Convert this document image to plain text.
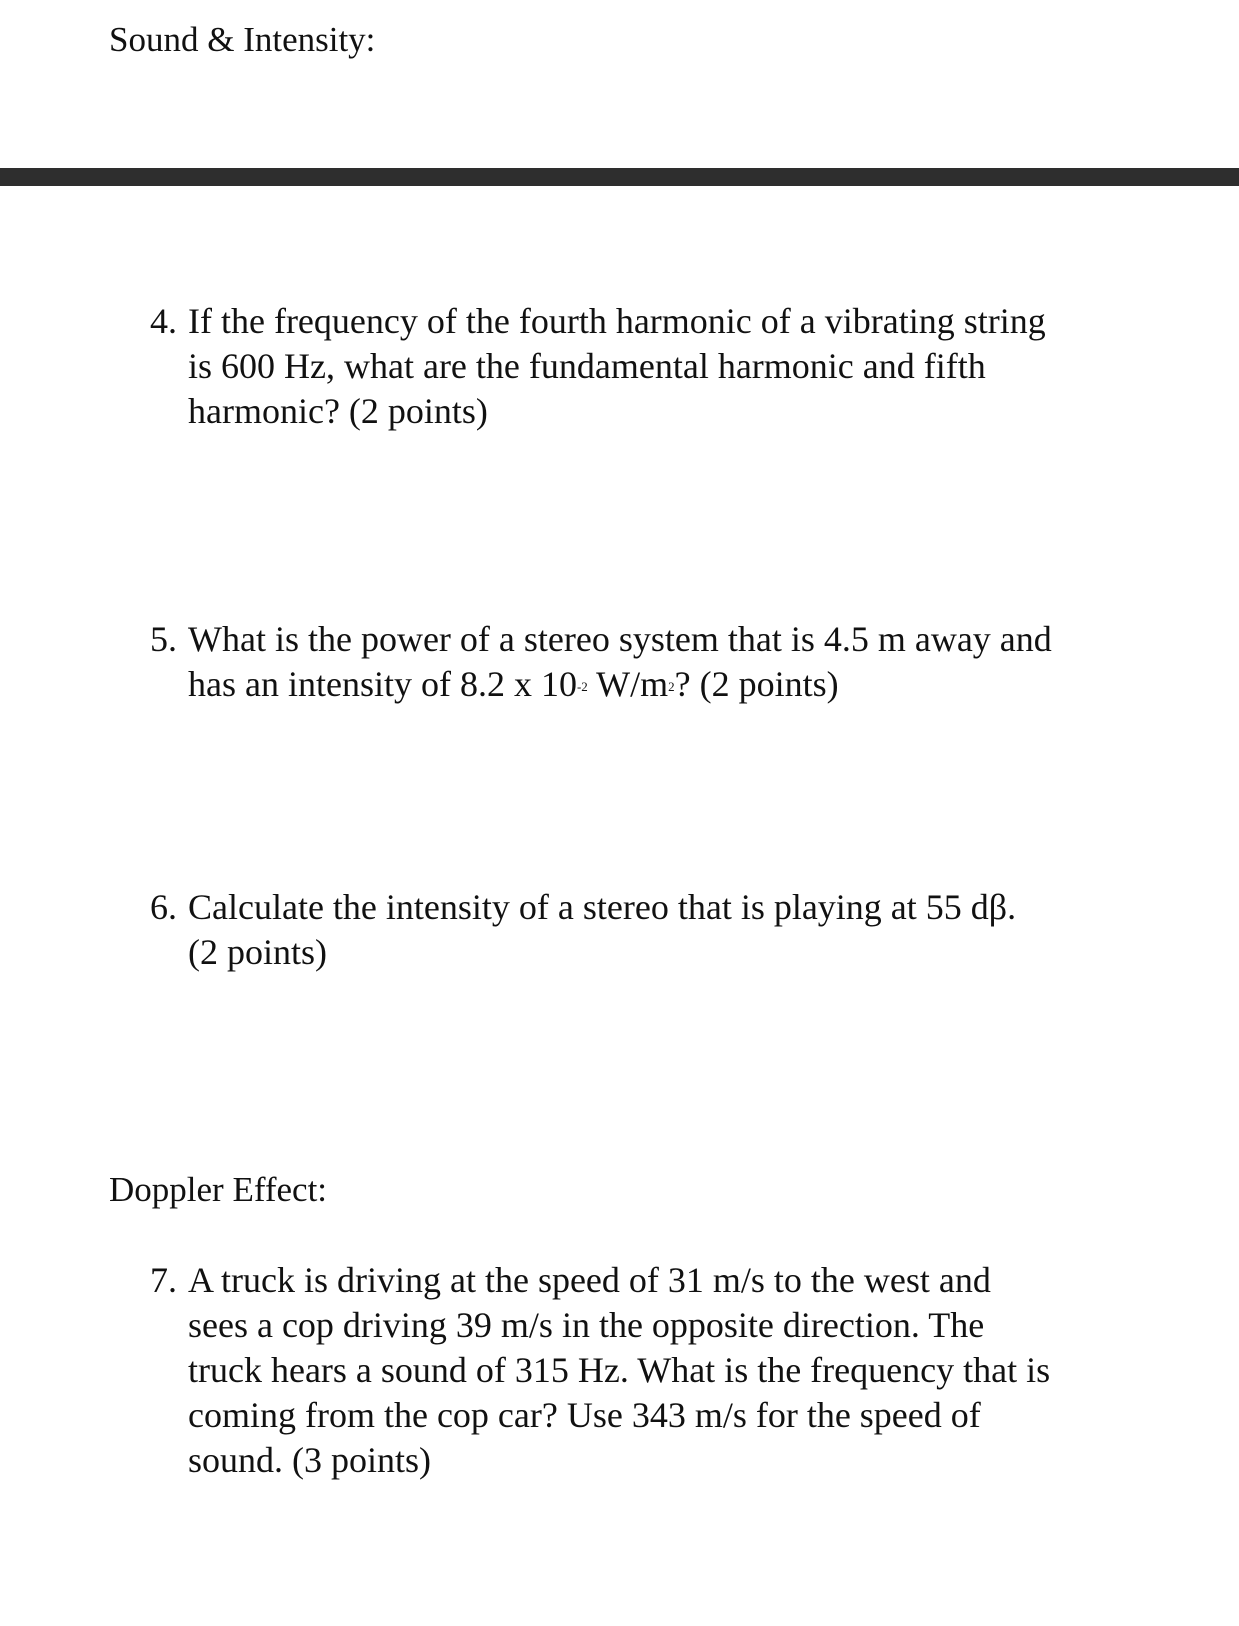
Sound & Intensity:
4. If the frequency of the fourth harmonic of a vibrating string
is 600 Hz, what are the fundamental harmonic and fifth
harmonic? (2 points)
5. What is the power of a stereo system that is 4.5 m away and
has an intensity of 8.2 x $10^{-2}$ $W/m^2$? (2 points)
6. Calculate the intensity of a stereo that is playing at 55 dβ.
(2 points)
Doppler Effect:
7. A truck is driving at the speed of 31 m/s to the west and
sees a cop driving 39 m/s in the opposite direction. The
truck hears a sound of 315 Hz. What is the frequency that is
coming from the cop car? Use 343 m/s for the speed of
sound. (3 points)
